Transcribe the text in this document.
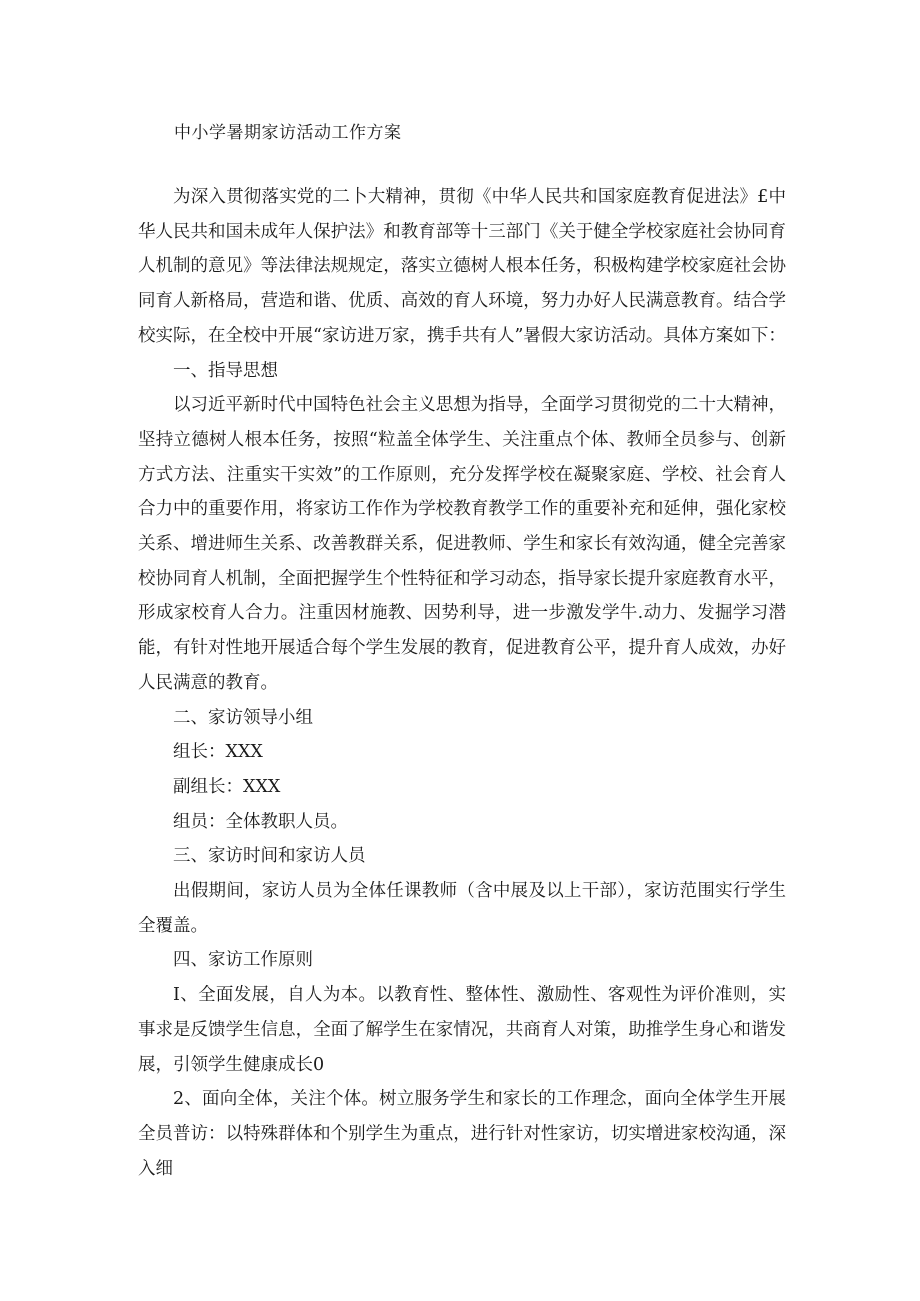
中小学暑期家访活动工作方案

为深入贯彻落实党的二卜大精神，贯彻《中华人民共和国家庭教育促进法》£中华人民共和国未成年人保护法》和教育部等十三部门《关于健全学校家庭社会协同育人机制的意见》等法律法规规定，落实立德树人根本任务，积极构建学校家庭社会协同育人新格局，营造和谐、优质、高效的育人环境，努力办好人民满意教育。结合学校实际，在全校中开展“家访进万家，携手共有人”暑假大家访活动。具体方案如下：

一、指导思想

以习近平新时代中国特色社会主义思想为指导，全面学习贯彻党的二十大精神，坚持立德树人根本任务，按照“粒盖全体学生、关注重点个体、教师全员参与、创新方式方法、注重实干实效”的工作原则，充分发挥学校在凝聚家庭、学校、社会育人合力中的重要作用，将家访工作作为学校教育教学工作的重要补充和延伸，强化家校关系、增进师生关系、改善教群关系，促进教师、学生和家长有效沟通，健全完善家校协同育人机制，全面把握学生个性特征和学习动态，指导家长提升家庭教育水平，形成家校育人合力。注重因材施教、因势利导，进一步激发学牛.动力、发掘学习潜能，有针对性地开展适合每个学生发展的教育，促进教育公平，提升育人成效，办好人民满意的教育。

二、家访领导小组

组长：XXX

副组长：XXX

组员：全体教职人员。

三、家访时间和家访人员

出假期间，家访人员为全体任课教师（含中展及以上干部），家访范围实行学生全覆盖。

四、家访工作原则

I、全面发展，自人为本。以教育性、整体性、激励性、客观性为评价准则，实事求是反馈学生信息，全面了解学生在家情况，共商育人对策，助推学生身心和谐发展，引领学生健康成长0

2、面向全体，关注个体。树立服务学生和家长的工作理念，面向全体学生开展全员普访：以特殊群体和个别学生为重点，进行针对性家访，切实增进家校沟通，深入细
